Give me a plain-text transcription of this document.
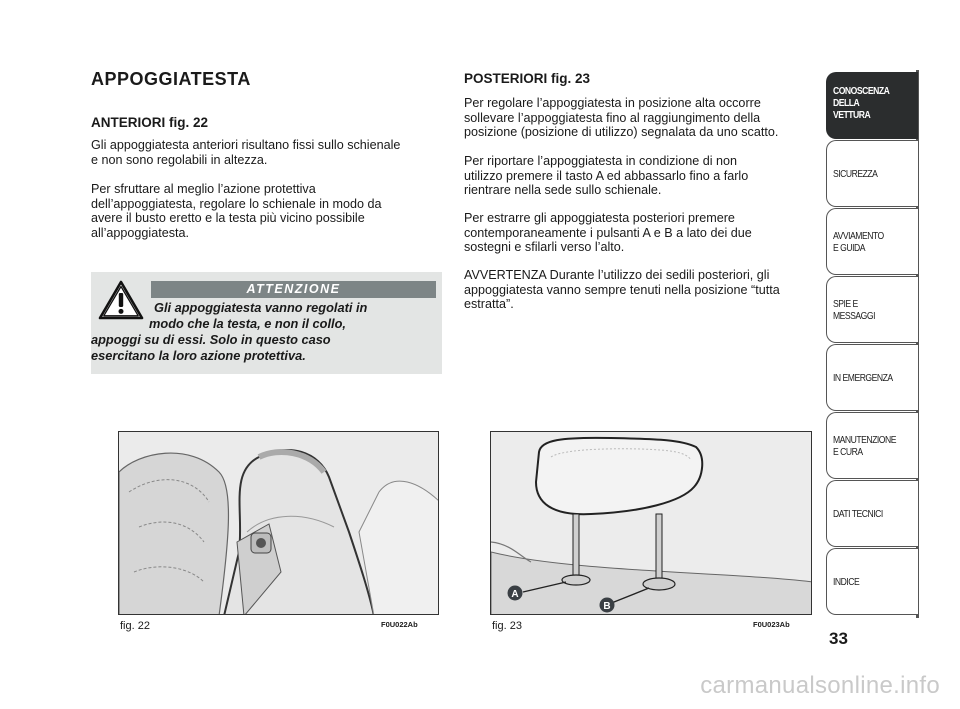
APPOGGIATESTA
ANTERIORI fig. 22
Gli appoggiatesta anteriori risultano fissi sullo schienale
e non sono regolabili in altezza.
Per sfruttare al meglio l’azione protettiva
dell’appoggiatesta, regolare lo schienale in modo da
avere il busto eretto e la testa più vicino possibile
all’appoggiatesta.
ATTENZIONE
Gli appoggiatesta vanno regolati in
modo che la testa, e non il collo,
appoggi su di essi. Solo in questo caso
esercitano la loro azione protettiva.
POSTERIORI fig. 23
Per regolare l’appoggiatesta in posizione alta occorre
sollevare l’appoggiatesta fino al raggiungimento della
posizione (posizione di utilizzo) segnalata da uno scatto.
Per riportare l’appoggiatesta in condizione di non
utilizzo premere il tasto A ed abbassarlo fino a farlo
rientrare nella sede sullo schienale.
Per estrarre gli appoggiatesta posteriori premere
contemporaneamente i pulsanti A e B a lato dei due
sostegni e sfilarli verso l’alto.
AVVERTENZA Durante l’utilizzo dei sedili posteriori, gli
appoggiatesta vanno sempre tenuti nella posizione “tutta
estratta”.
fig. 22	F0U022Ab
A
B
fig. 23	F0U023Ab
CONOSCENZA
DELLA
VETTURA
SICUREZZA
AVVIAMENTO
E GUIDA
SPIE E
MESSAGGI
IN EMERGENZA
MANUTENZIONE
E CURA
DATI TECNICI
INDICE
33
carmanualsonline.info
